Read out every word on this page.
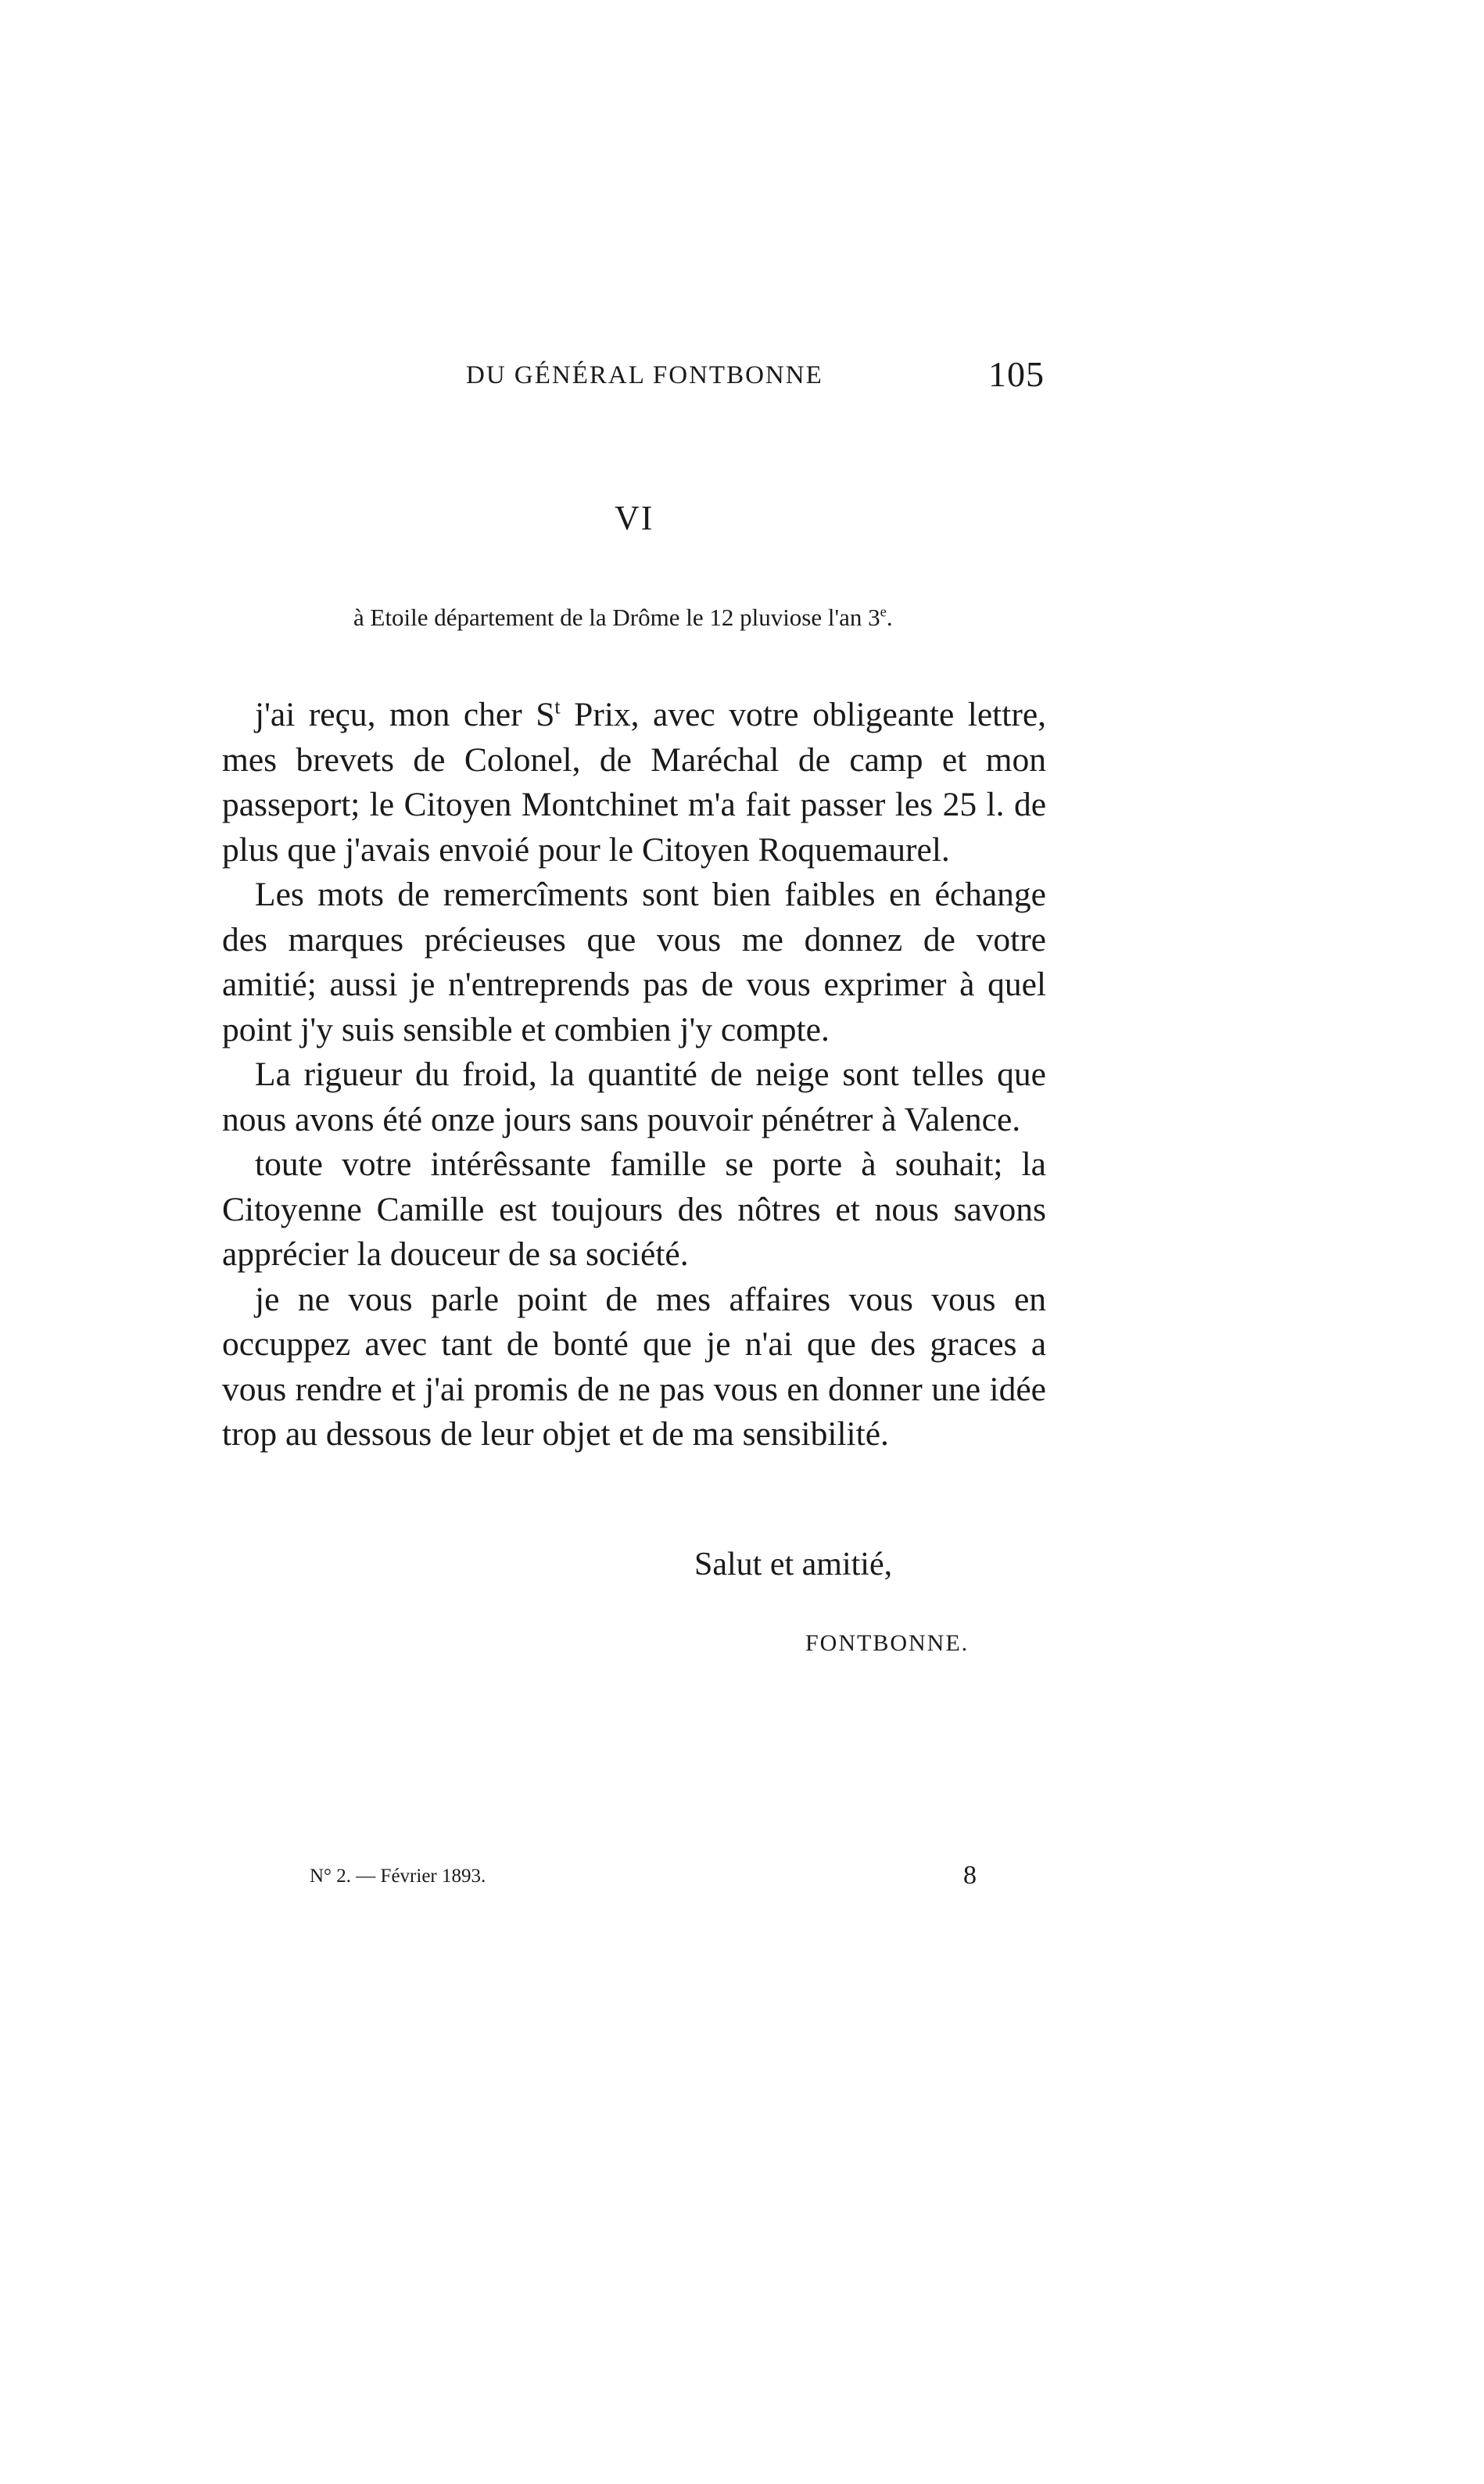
DU GÉNÉRAL FONTBONNE	105
VI
à Etoile département de la Drôme le 12 pluviose l'an 3e.

j'ai reçu, mon cher $S^t$ Prix, avec votre obligeante lettre, mes brevets de Colonel, de Maréchal de camp et mon passeport; le Citoyen Montchinet m'a fait passer les 25 l. de plus que j'avais envoié pour le Citoyen Roquemaurel.

Les mots de remercîments sont bien faibles en échange des marques précieuses que vous me donnez de votre amitié; aussi je n'entreprends pas de vous exprimer à quel point j'y suis sensible et combien j'y compte.

La rigueur du froid, la quantité de neige sont telles que nous avons été onze jours sans pouvoir pénétrer à Valence.

toute votre intérêssante famille se porte à souhait; la Citoyenne Camille est toujours des nôtres et nous savons apprécier la douceur de sa société.

je ne vous parle point de mes affaires vous vous en occuppez avec tant de bonté que je n'ai que des graces a vous rendre et j'ai promis de ne pas vous en donner une idée trop au dessous de leur objet et de ma sensibilité.

Salut et amitié,
FONTBONNE.
N° 2. — Février 1893.	8
